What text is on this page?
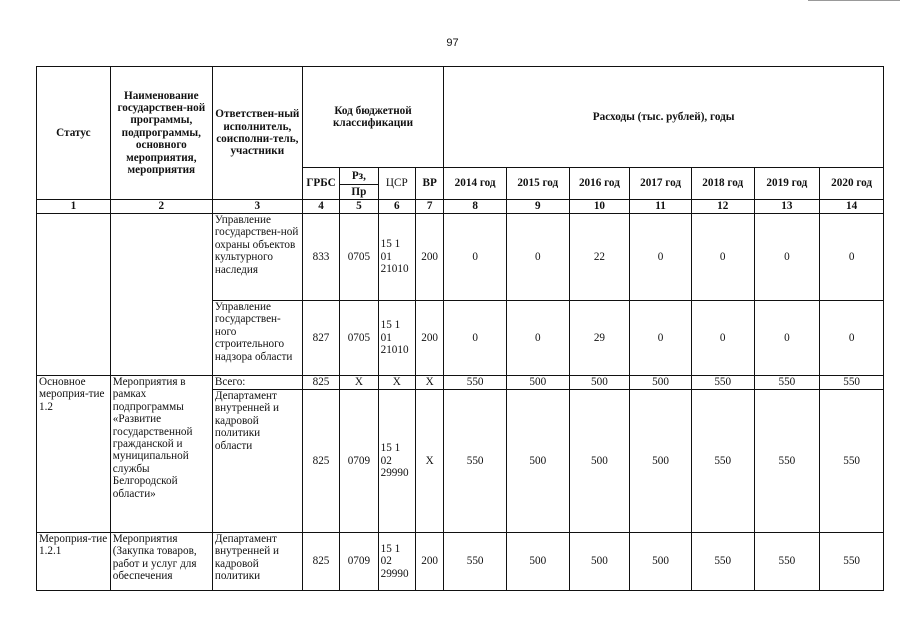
97
Статус	Наименование государствен-ной программы, подпрограммы, основного мероприятия, мероприятия	Ответствен-ный исполнитель, соисполни-тель, участники	Код бюджетной классификации				Расходы (тыс. рублей), годы						
			ГРБС	Рз,	ЦСР	ВР	2014 год	2015 год	2016 год	2017 год	2018 год	2019 год	2020 год
				Пр									
1	2	3	4	5	6	7	8	9	10	11	12	13	14
		Управление государствен-ной охраны объектов культурного наследия	833	0705	15 1 01 21010	200	0	0	22	0	0	0	0
		Управление государствен-ного строительного надзора области	827	0705	15 1 01 21010	200	0	0	29	0	0	0	0
Основное мероприя-тие 1.2	Мероприятия в рамках подпрограммы «Развитие государственной гражданской и муниципальной службы Белгородской области»	Всего:	825	Х	Х	Х	550	500	500	500	550	550	550
		Департамент внутренней и кадровой политики области	825	0709	15 1 02 29990	Х	550	500	500	500	550	550	550
Мероприя-тие 1.2.1	Мероприятия (Закупка товаров, работ и услуг для обеспечения	Департамент внутренней и кадровой политики	825	0709	15 1 02 29990	200	550	500	500	500	550	550	550
